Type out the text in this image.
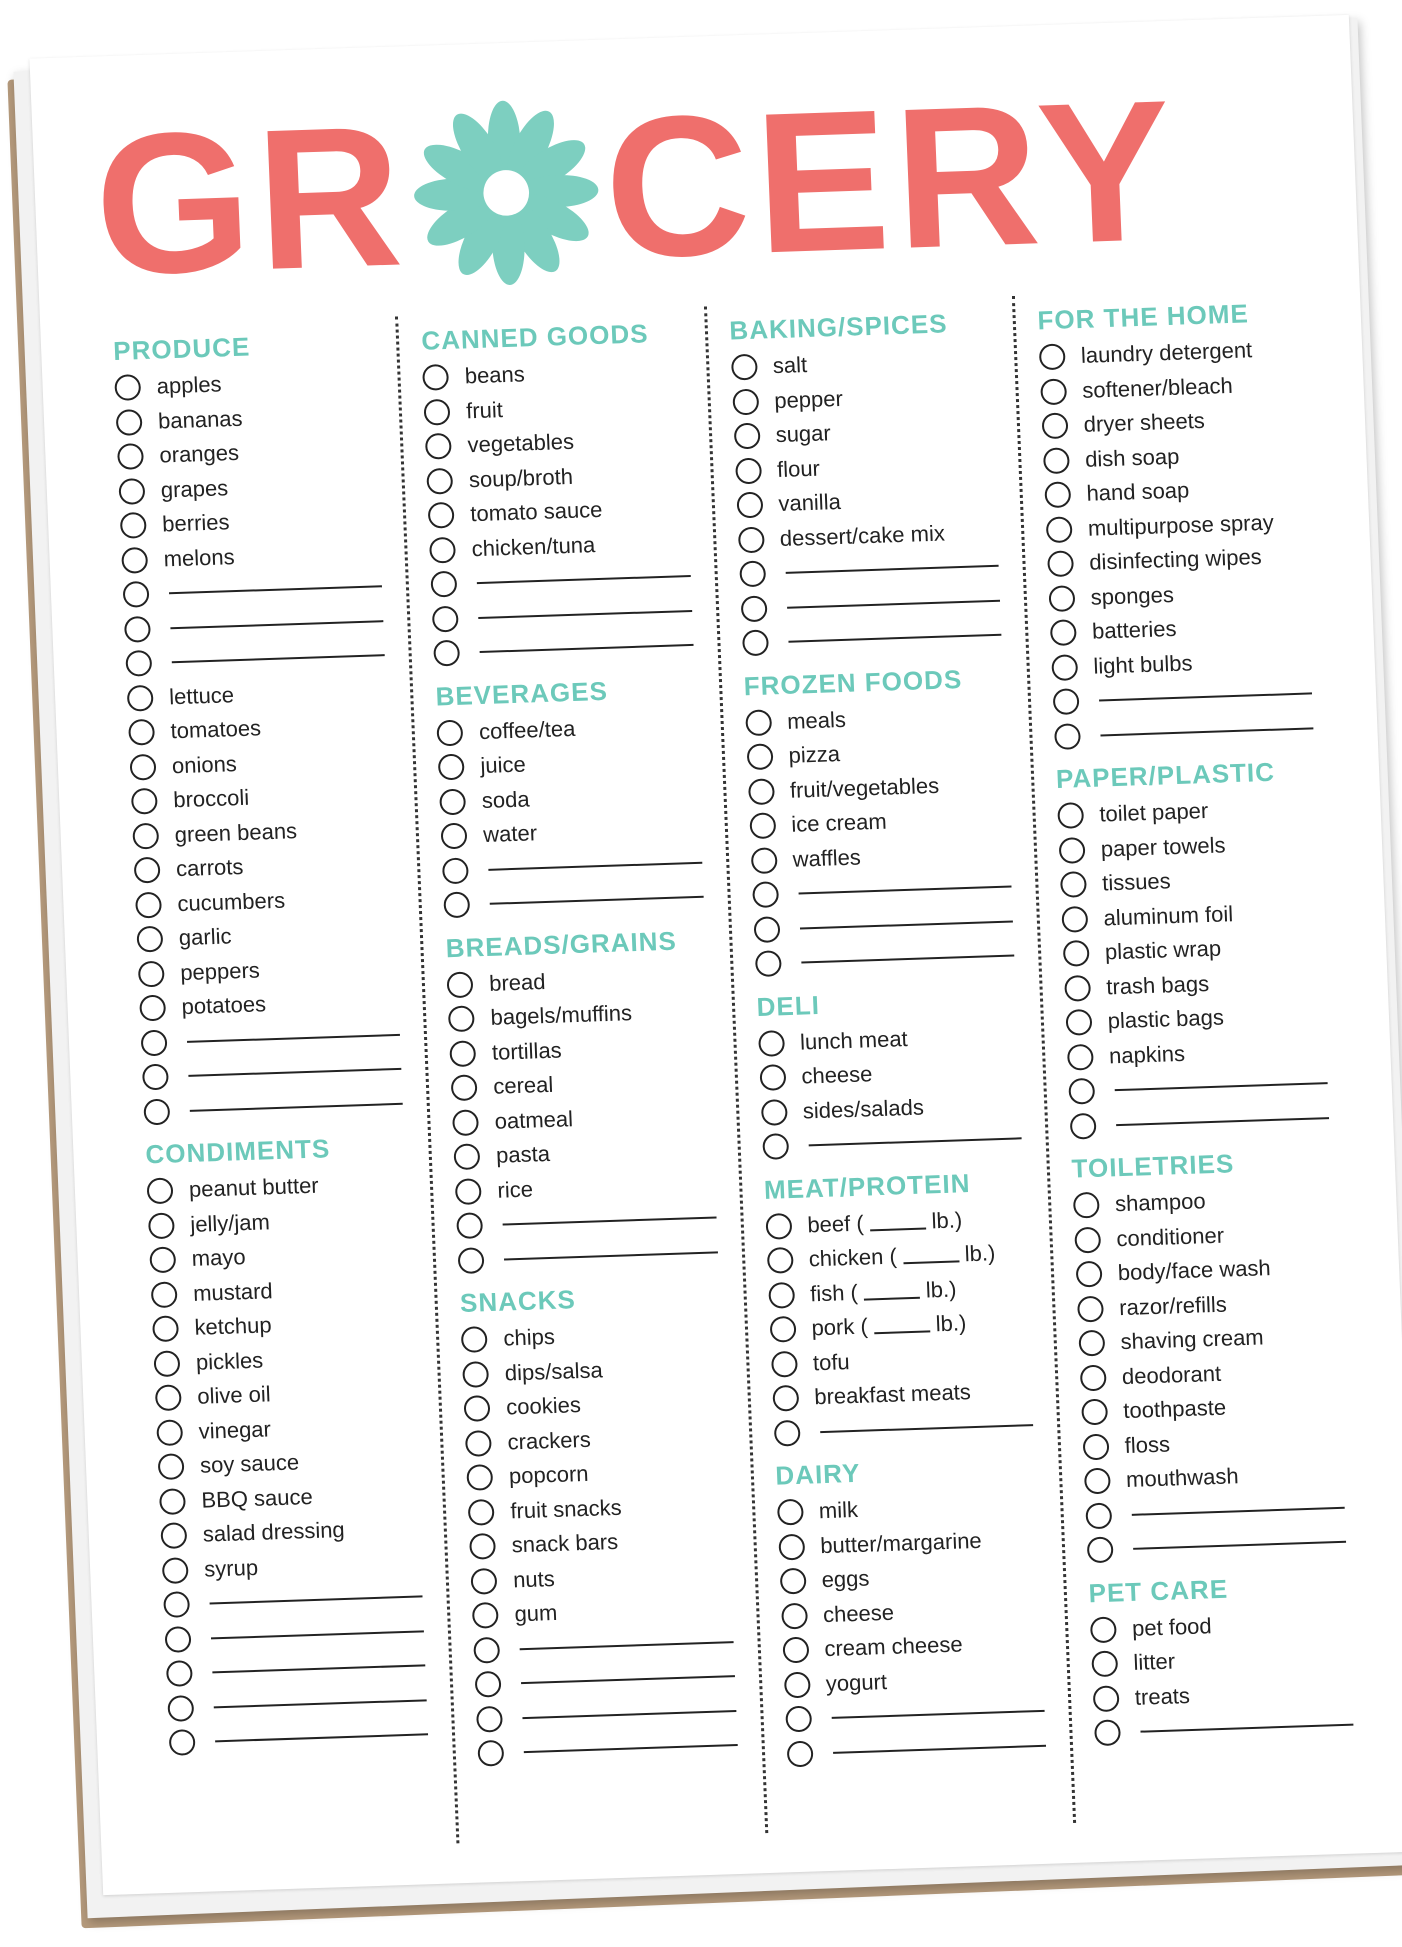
GR CERY
PRODUCE
apples
bananas
oranges
grapes
berries
melons
lettuce
tomatoes
onions
broccoli
green beans
carrots
cucumbers
garlic
peppers
potatoes
CONDIMENTS
peanut butter
jelly/jam
mayo
mustard
ketchup
pickles
olive oil
vinegar
soy sauce
BBQ sauce
salad dressing
syrup
CANNED GOODS
beans
fruit
vegetables
soup/broth
tomato sauce
chicken/tuna
BEVERAGES
coffee/tea
juice
soda
water
BREADS/GRAINS
bread
bagels/muffins
tortillas
cereal
oatmeal
pasta
rice
SNACKS
chips
dips/salsa
cookies
crackers
popcorn
fruit snacks
snack bars
nuts
gum
BAKING/SPICES
salt
pepper
sugar
flour
vanilla
dessert/cake mix
FROZEN FOODS
meals
pizza
fruit/vegetables
ice cream
waffles
DELI
lunch meat
cheese
sides/salads
MEAT/PROTEIN
beef (	lb.)
chicken (	lb.)
fish (	lb.)
pork (	lb.)
tofu
breakfast meats
DAIRY
milk
butter/margarine
eggs
cheese
cream cheese
yogurt
FOR THE HOME
laundry detergent
softener/bleach
dryer sheets
dish soap
hand soap
multipurpose spray
disinfecting wipes
sponges
batteries
light bulbs
PAPER/PLASTIC
toilet paper
paper towels
tissues
aluminum foil
plastic wrap
trash bags
plastic bags
napkins
TOILETRIES
shampoo
conditioner
body/face wash
razor/refills
shaving cream
deodorant
toothpaste
floss
mouthwash
PET CARE
pet food
litter
treats
